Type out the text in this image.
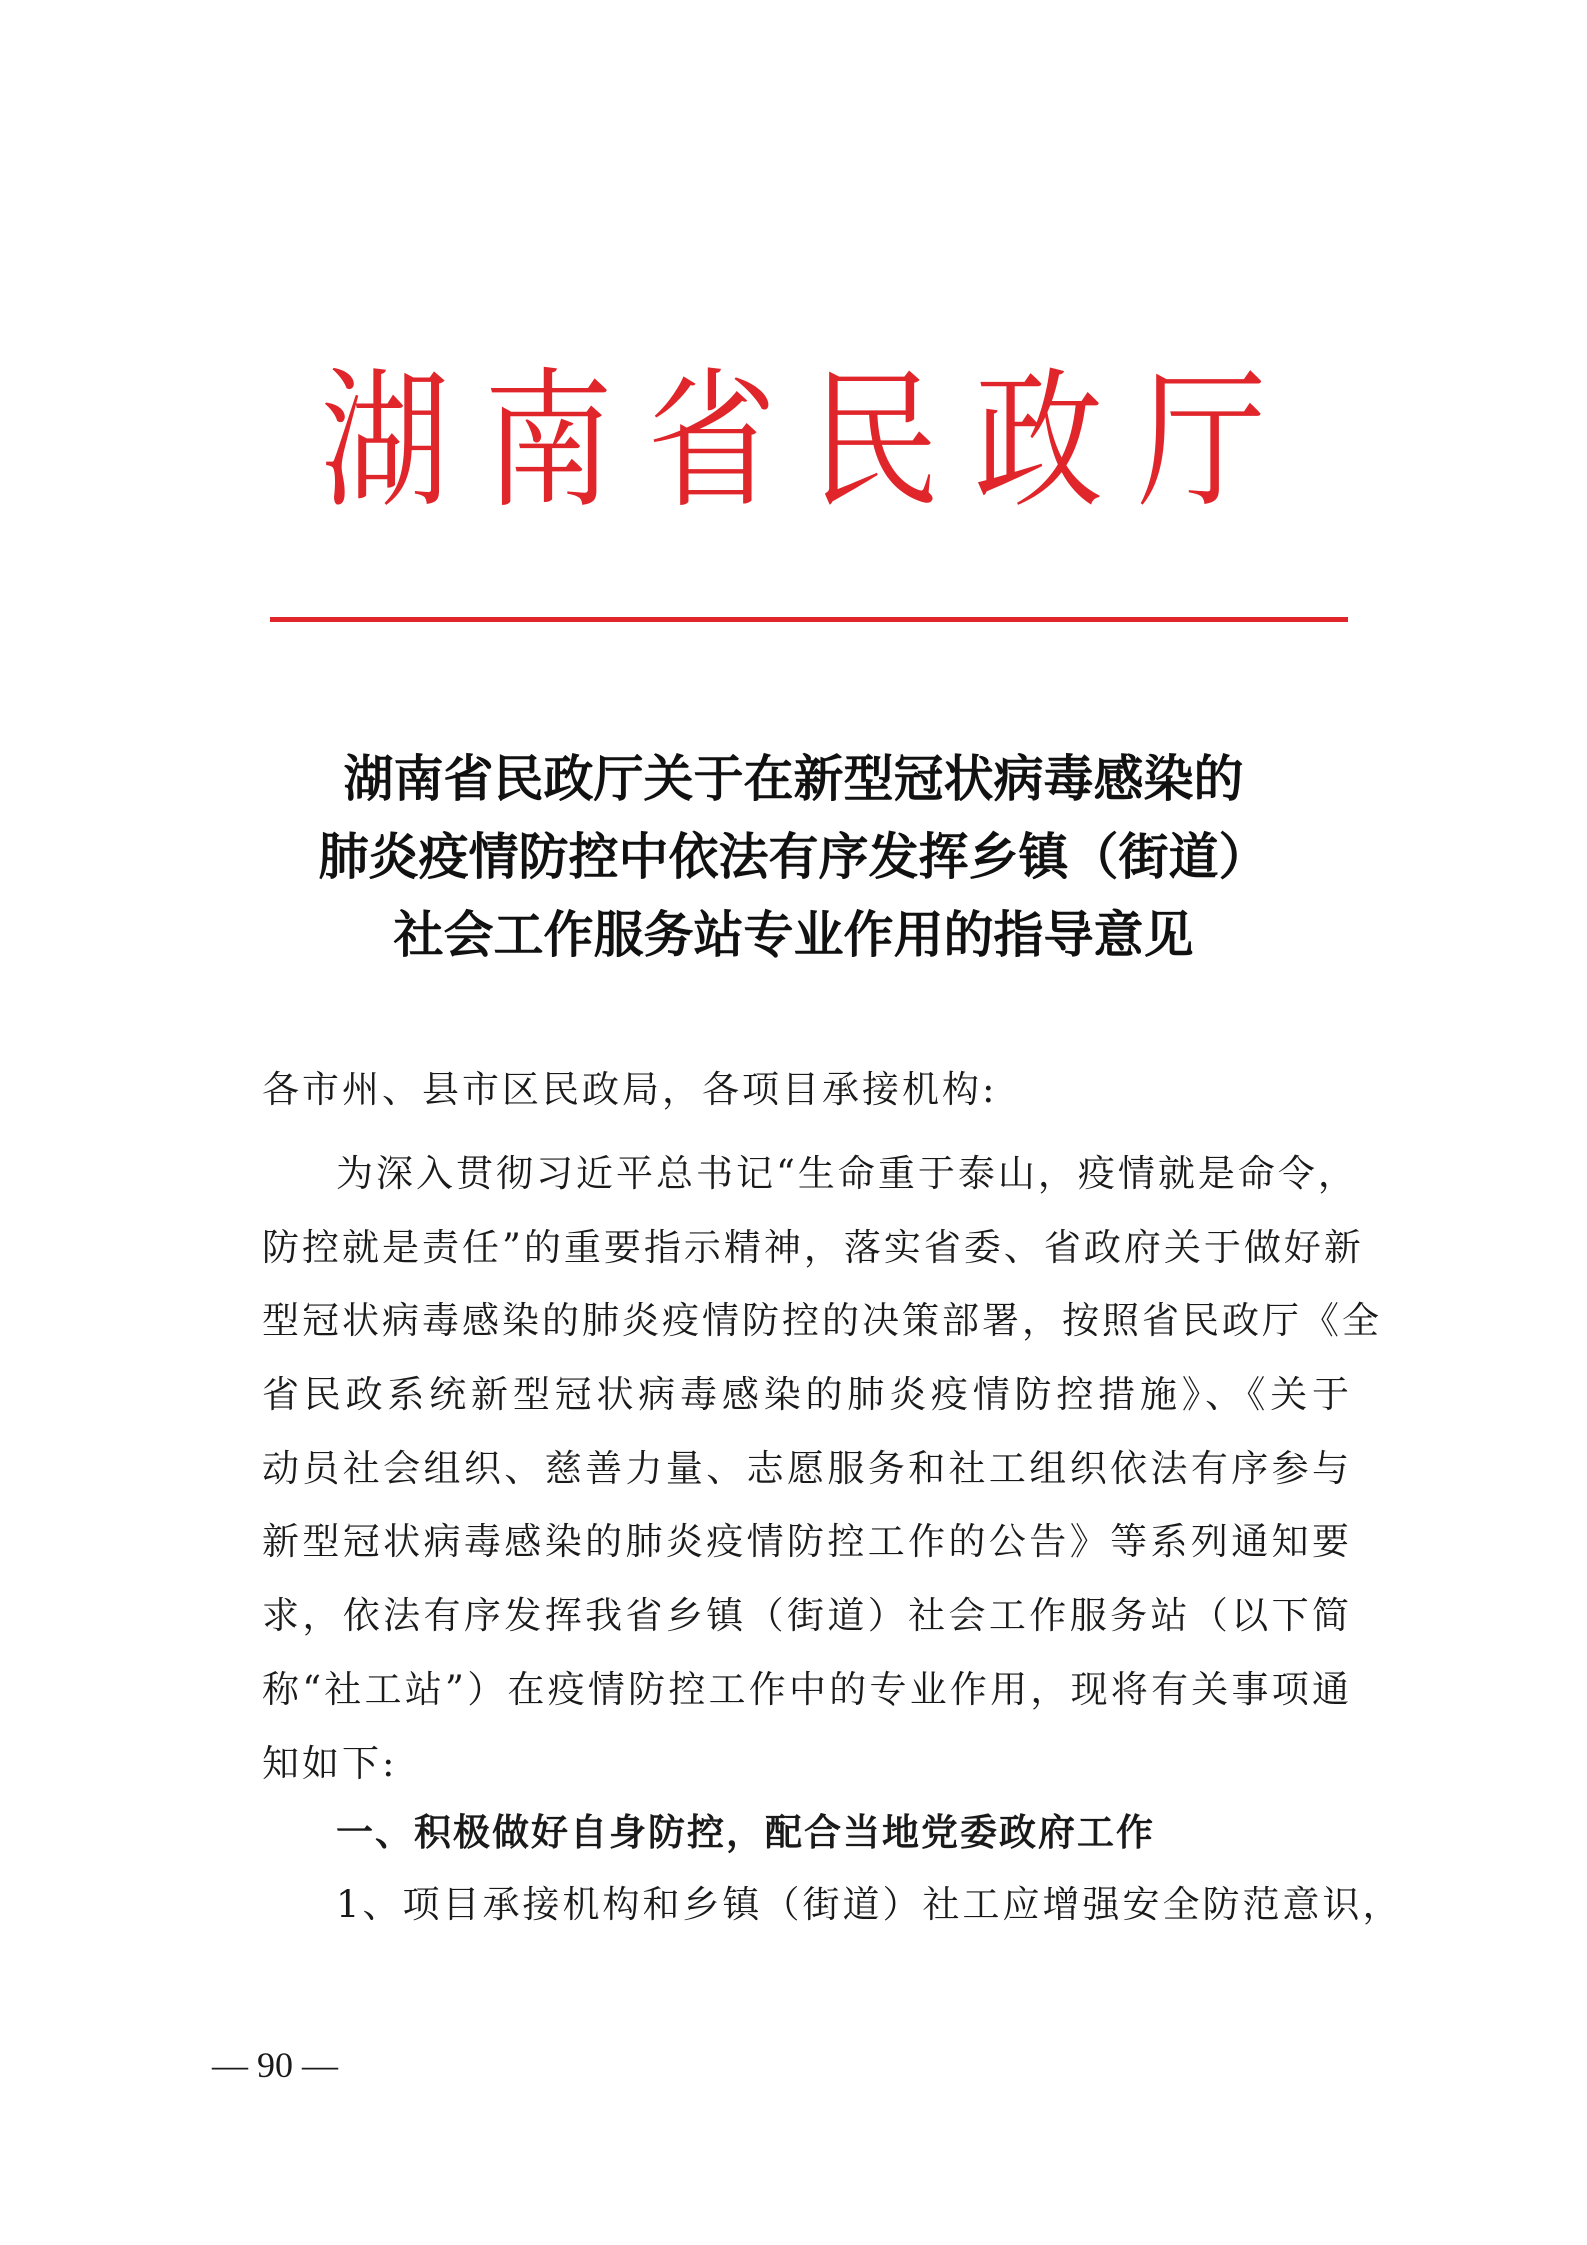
湖南省民政厅
湖南省民政厅关于在新型冠状病毒感染的
肺炎疫情防控中依法有序发挥乡镇（街道）
社会工作服务站专业作用的指导意见
各市州、县市区民政局，各项目承接机构:
为深入贯彻习近平总书记“生命重于泰山，疫情就是命令，
防控就是责任”的重要指示精神，落实省委、省政府关于做好新
型冠状病毒感染的肺炎疫情防控的决策部署，按照省民政厅《全
省民政系统新型冠状病毒感染的肺炎疫情防控措施》、《关于
动员社会组织、慈善力量、志愿服务和社工组织依法有序参与
新型冠状病毒感染的肺炎疫情防控工作的公告》等系列通知要
求，依法有序发挥我省乡镇（街道）社会工作服务站（以下简
称“社工站”）在疫情防控工作中的专业作用，现将有关事项通
知如下:
一、积极做好自身防控，配合当地党委政府工作
1、项目承接机构和乡镇（街道）社工应增强安全防范意识，
— 90 —
